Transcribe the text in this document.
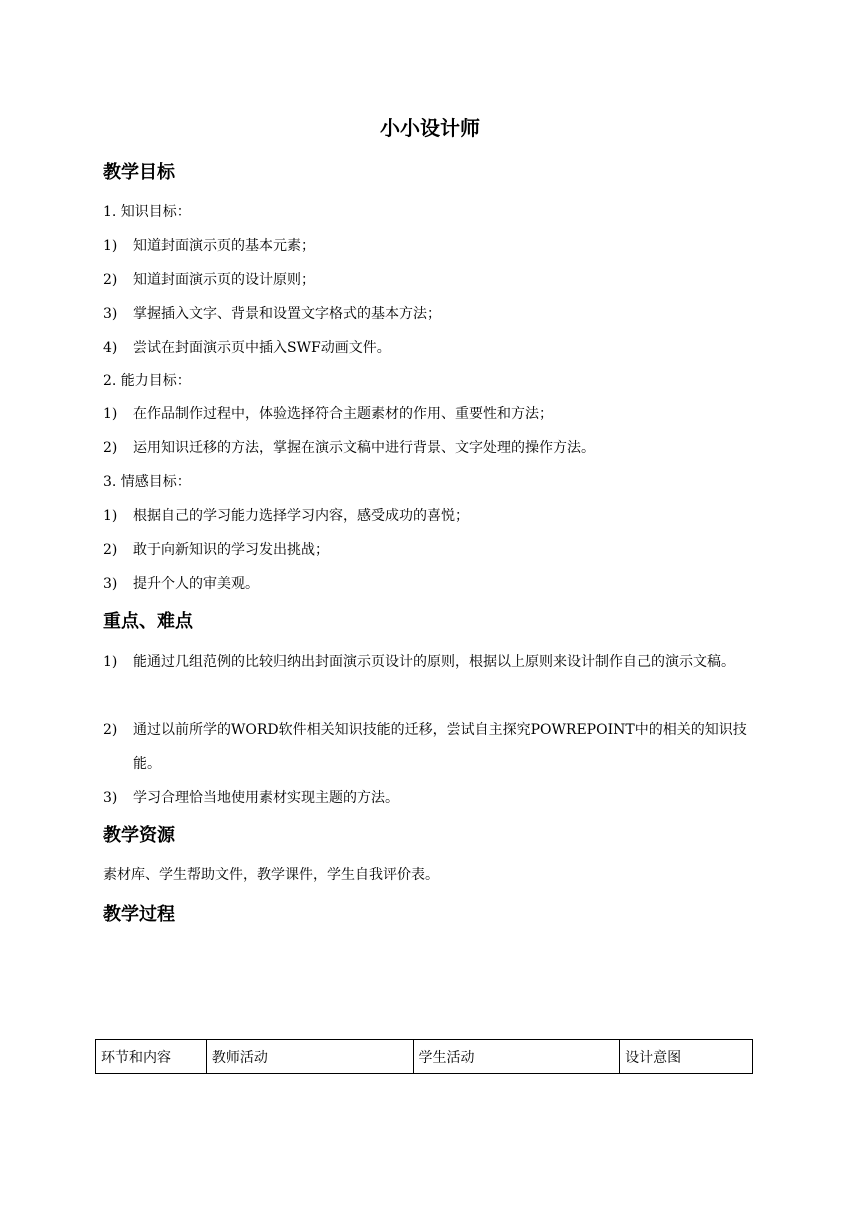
小小设计师
教学目标
1. 知识目标：
1) 知道封面演示页的基本元素；
2) 知道封面演示页的设计原则；
3) 掌握插入文字、背景和设置文字格式的基本方法；
4) 尝试在封面演示页中插入SWF动画文件。
2. 能力目标：
1) 在作品制作过程中，体验选择符合主题素材的作用、重要性和方法；
2) 运用知识迁移的方法，掌握在演示文稿中进行背景、文字处理的操作方法。
3. 情感目标：
1) 根据自己的学习能力选择学习内容，感受成功的喜悦；
2) 敢于向新知识的学习发出挑战；
3) 提升个人的审美观。
重点、难点
1)	能通过几组范例的比较归纳出封面演示页设计的原则，根据以上原则来设计制作自己的演示文稿。
2)	通过以前所学的WORD软件相关知识技能的迁移，尝试自主探究POWREPOINT中的相关的知识技能。
3)	学习合理恰当地使用素材实现主题的方法。
教学资源
素材库、学生帮助文件，教学课件，学生自我评价表。
教学过程
环节和内容	教师活动	学生活动	设计意图
